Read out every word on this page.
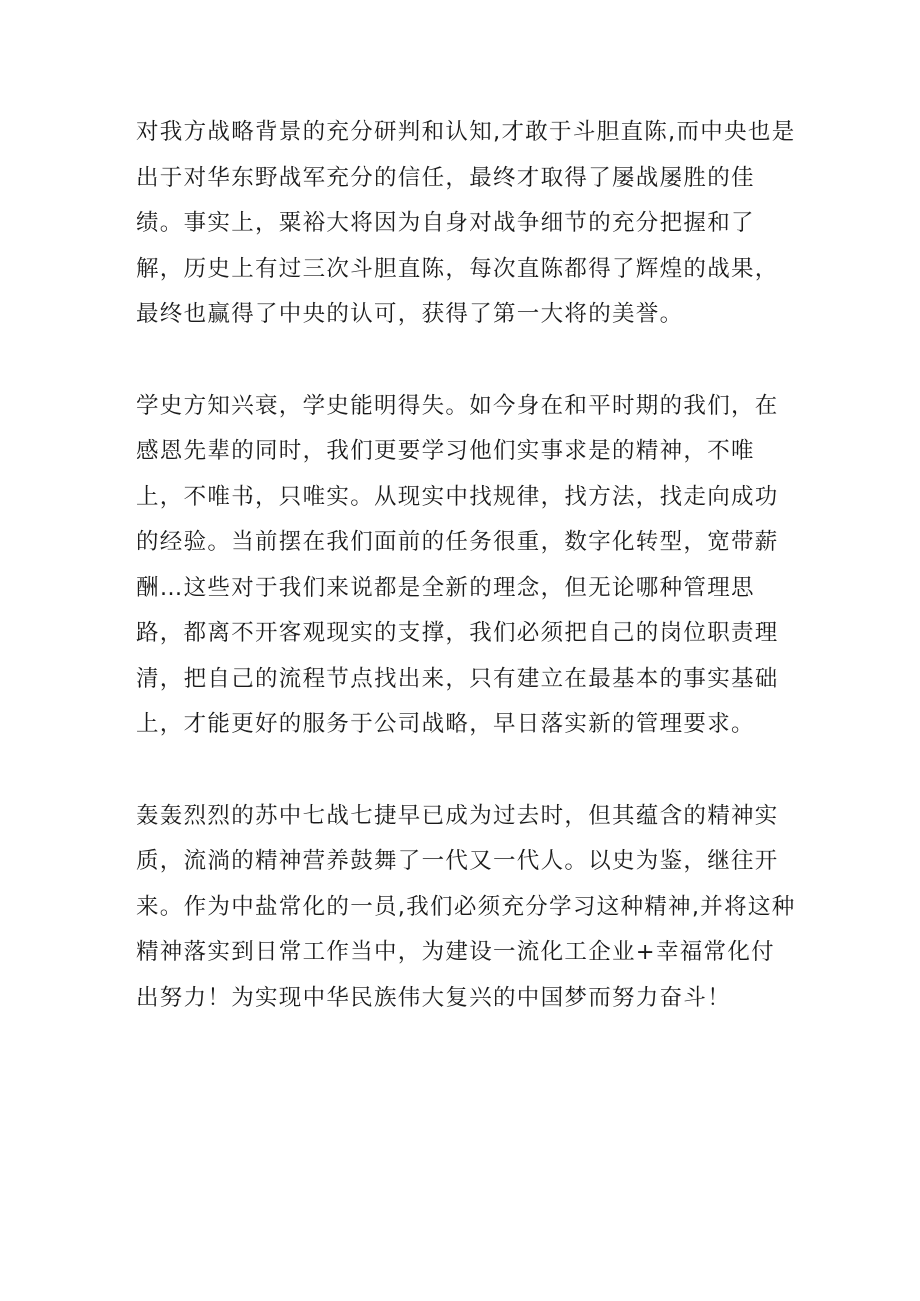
对我方战略背景的充分研判和认知,才敢于斗胆直陈,而中央也是出于对华东野战军充分的信任，最终才取得了屡战屡胜的佳绩。事实上，粟裕大将因为自身对战争细节的充分把握和了解，历史上有过三次斗胆直陈，每次直陈都得了辉煌的战果，最终也赢得了中央的认可，获得了第一大将的美誉。

学史方知兴衰，学史能明得失。如今身在和平时期的我们，在感恩先辈的同时，我们更要学习他们实事求是的精神，不唯上，不唯书，只唯实。从现实中找规律，找方法，找走向成功的经验。当前摆在我们面前的任务很重，数字化转型，宽带薪酬…这些对于我们来说都是全新的理念，但无论哪种管理思路，都离不开客观现实的支撑，我们必须把自己的岗位职责理清，把自己的流程节点找出来，只有建立在最基本的事实基础上，才能更好的服务于公司战略，早日落实新的管理要求。

轰轰烈烈的苏中七战七捷早已成为过去时，但其蕴含的精神实质，流淌的精神营养鼓舞了一代又一代人。以史为鉴，继往开来。作为中盐常化的一员,我们必须充分学习这种精神,并将这种精神落实到日常工作当中，为建设一流化工企业+幸福常化付出努力！为实现中华民族伟大复兴的中国梦而努力奋斗！
